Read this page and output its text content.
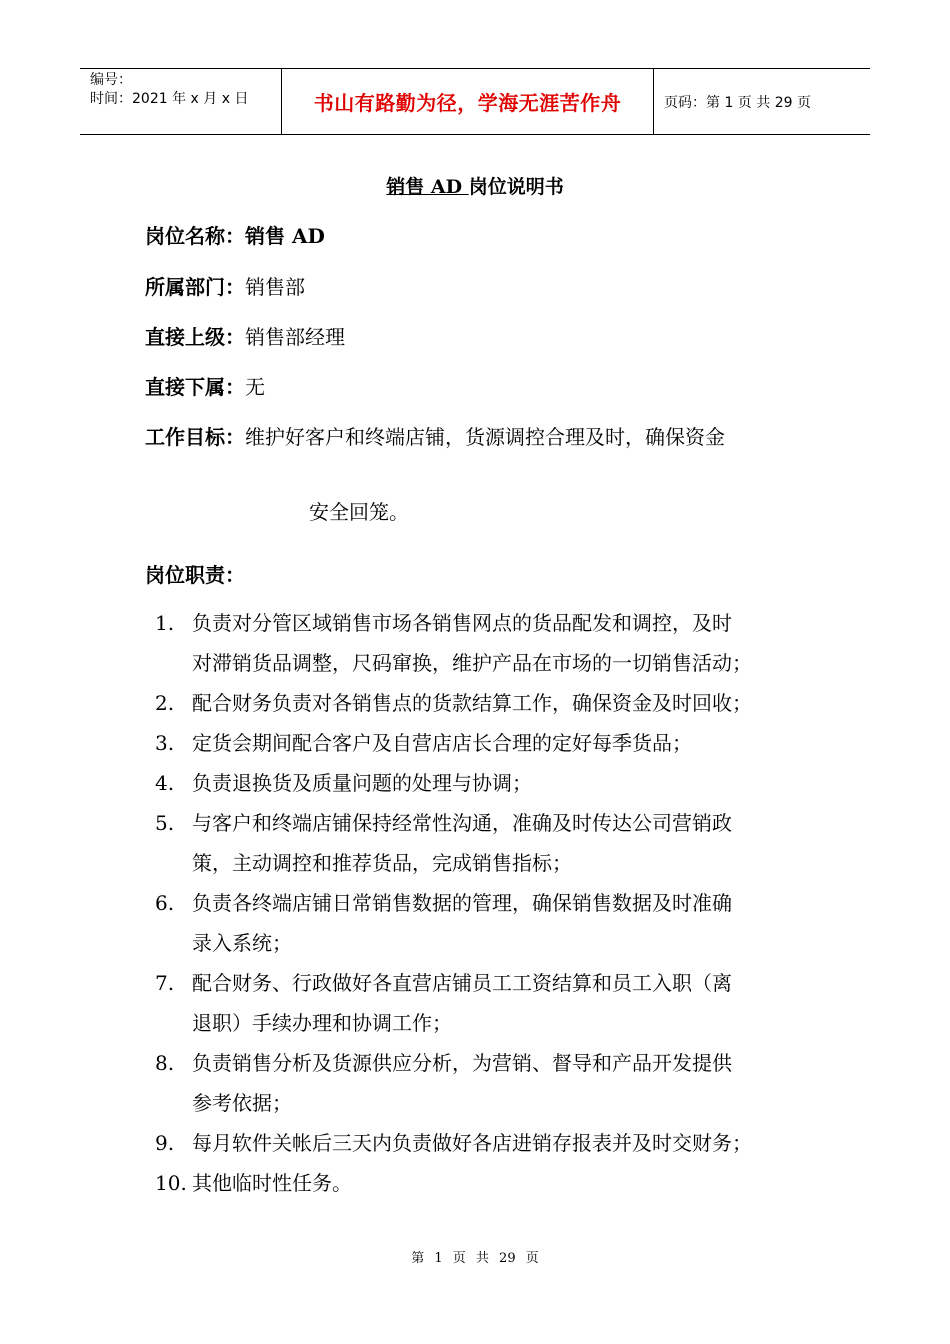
编号：
时间：2021 年 x 月 x 日	书山有路勤为径，学海无涯苦作舟	页码：第 1 页 共 29 页
销售 AD 岗位说明书
岗位名称：销售 AD
所属部门：销售部
直接上级：销售部经理
直接下属：无
工作目标：维护好客户和终端店铺，货源调控合理及时，确保资金
安全回笼。
岗位职责：
1. 负责对分管区域销售市场各销售网点的货品配发和调控，及时
对滞销货品调整，尺码窜换，维护产品在市场的一切销售活动；
2. 配合财务负责对各销售点的货款结算工作，确保资金及时回收；
3. 定货会期间配合客户及自营店店长合理的定好每季货品；
4. 负责退换货及质量问题的处理与协调；
5. 与客户和终端店铺保持经常性沟通，准确及时传达公司营销政
策，主动调控和推荐货品，完成销售指标；
6. 负责各终端店铺日常销售数据的管理，确保销售数据及时准确
录入系统；
7. 配合财务、行政做好各直营店铺员工工资结算和员工入职（离
退职）手续办理和协调工作；
8. 负责销售分析及货源供应分析，为营销、督导和产品开发提供
参考依据；
9. 每月软件关帐后三天内负责做好各店进销存报表并及时交财务；
10. 其他临时性任务。
第 1 页 共 29 页
